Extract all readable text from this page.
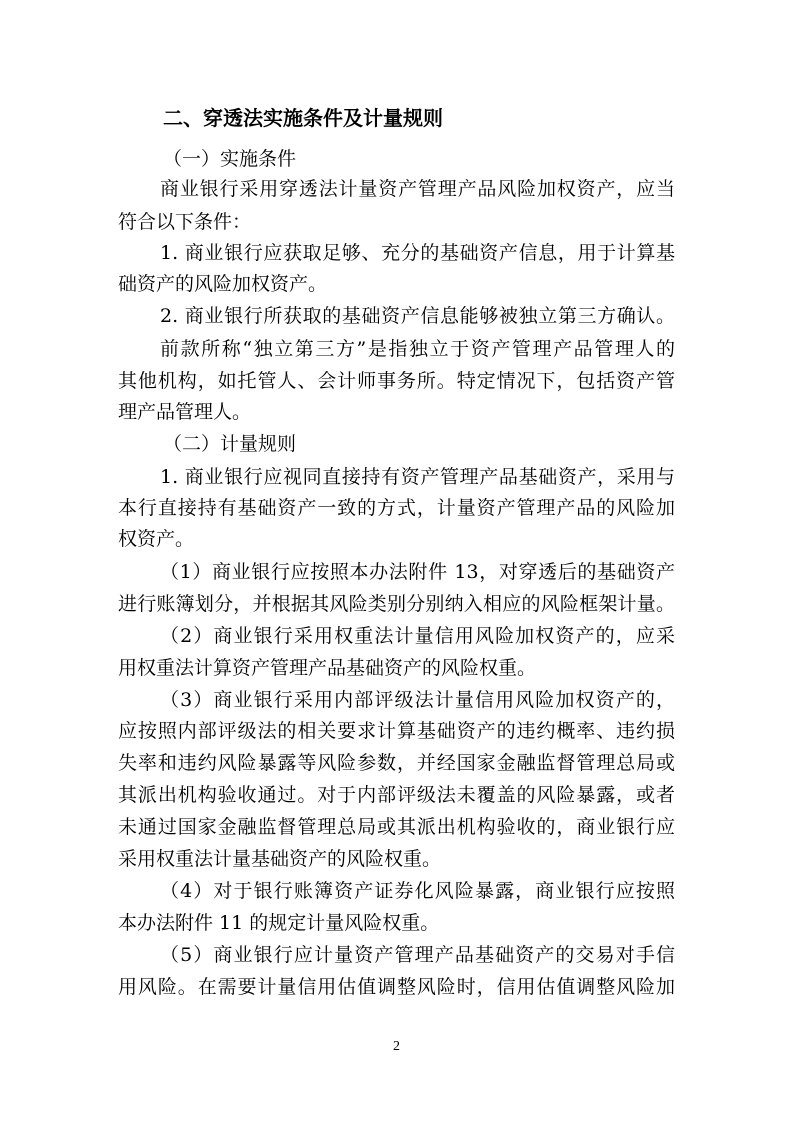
二、穿透法实施条件及计量规则
（一）实施条件
商业银行采用穿透法计量资产管理产品风险加权资产，应当
符合以下条件：
1. 商业银行应获取足够、充分的基础资产信息，用于计算基
础资产的风险加权资产。
2. 商业银行所获取的基础资产信息能够被独立第三方确认。
前款所称“独立第三方”是指独立于资产管理产品管理人的
其他机构，如托管人、会计师事务所。特定情况下，包括资产管
理产品管理人。
（二）计量规则
1. 商业银行应视同直接持有资产管理产品基础资产，采用与
本行直接持有基础资产一致的方式，计量资产管理产品的风险加
权资产。
（1）商业银行应按照本办法附件 13，对穿透后的基础资产
进行账簿划分，并根据其风险类别分别纳入相应的风险框架计量。
（2）商业银行采用权重法计量信用风险加权资产的，应采
用权重法计算资产管理产品基础资产的风险权重。
（3）商业银行采用内部评级法计量信用风险加权资产的，
应按照内部评级法的相关要求计算基础资产的违约概率、违约损
失率和违约风险暴露等风险参数，并经国家金融监督管理总局或
其派出机构验收通过。对于内部评级法未覆盖的风险暴露，或者
未通过国家金融监督管理总局或其派出机构验收的，商业银行应
采用权重法计量基础资产的风险权重。
（4）对于银行账簿资产证券化风险暴露，商业银行应按照
本办法附件 11 的规定计量风险权重。
（5）商业银行应计量资产管理产品基础资产的交易对手信
用风险。在需要计量信用估值调整风险时，信用估值调整风险加
2
